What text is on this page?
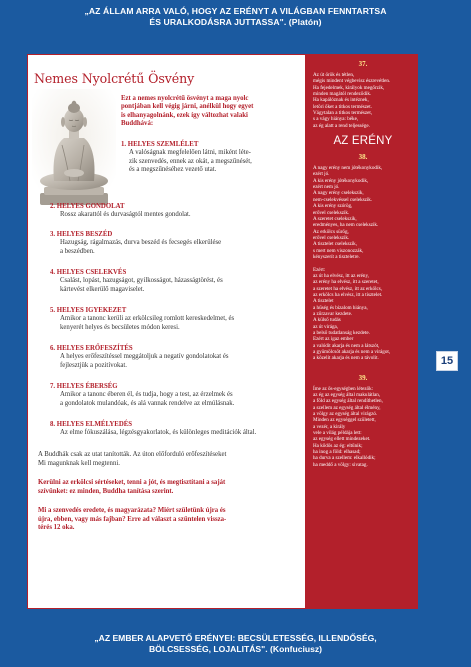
„AZ ÁLLAM ARRA VALÓ, HOGY AZ ERÉNYT A VILÁGBAN FENNTARTSA
ÉS URALKODÁSRA JUTTASSA". (Platón)
Nemes Nyolcrétű Ösvény
Ezt a nemes nyolcrétű ösvényt a maga nyolc
pontjában kell végig járni, anélkül hogy egyet
is elhanyagolnánk, ezek így változhat valaki
Buddhává:
1. HELYES SZEMLÉLET
A valóságnak megfelelően látni, miként léte-
zik szenvedés, ennek az okát, a megszűnését,
és a megszűnéséhez vezető utat.
2. HELYES GONDOLAT
Rossz akarattól és durvaságtól mentes gondolat.
3. HELYES BESZÉD
Hazugság, rágalmazás, durva beszéd és fecsegés elkerülése
a beszédben.
4. HELYES CSELEKVÉS
Csalást, lopást, hazugságot, gyilkosságot, házasságtörést, és
kártevést elkerülő magaviselet.
5. HELYES IGYEKEZET
Amikor a tanonc kerüli az erkölcsileg romlott kereskedelmet, és
kenyerét helyes és becsületes módon keresi.
6. HELYES ERŐFESZÍTÉS
A helyes erőfeszítéssel meggátoljuk a negatív gondolatokat és
fejlesztjük a pozitívokat.
7. HELYES ÉBERSÉG
Amikor a tanonc éberen él, és tudja, hogy a test, az érzelmek és
a gondolatok mulandóak, és alá vannak rendelve az elmúlásnak.
8. HELYES ELMÉLYEDÉS
Az elme fókuszálása, légzésgyakorlatok, és különleges meditációk által.
A Buddhák csak az utat tanították. Az úton előforduló erőfeszítéseket
Mi magunknak kell megtenni.
Kerülni az erkölcsi sértéseket, tenni a jót, és megtisztítani a saját
szívünket: ez minden, Buddha tanítása szerint.
Mi a szenvedés eredete, és magyarázata? Miért születünk újra és
újra, ebben, vagy más fajban? Erre ad választ a szüntelen vissza-
térés 12 oka.
37.
Az út örök és tétlen,
mégis mindent végbevisz észrevétlen.
Ha fejedelmek, királyok megőrzik,
minden magától rendeződik.
Ha kapálóznak és intéznek,
letöri őket a titkos természet.
Vágytalan a titkos természet,
s a vágy hiánya: béke,
az ég alatt a rend teljessége.
AZ ERÉNY
38.
A nagy erény nem jótékonykodik,
ezért jó.
A kis erény jótékonykodik,
ezért nem jó.
A nagy erény cselekszik,
nem-cselekvéssel cselekszik.
A kis erény szórög,
erővel cselekszik.
A szeretet cselekszik,
eredményes, ha nem cselekszik.
Az erkölcs sürög,
erővel cselekszik.
A tisztelet cselekszik,
s mert nem viszonozzák,
kényszerít a tiszteletre.
Ezért:
az út ha elvész, itt az erény,
az erény ha elvész, itt a szeretet,
a szeretet ha elvész, itt az erkölcs,
az erkölcs ha elvész, itt a tisztelet.
A tisztelet
a hűség és bizalom hiánya,
a zűrzavar kezdete.
A külső tudás
az út virága,
a belső tudatlanság kezdete.
Ezért az igaz ember
a valódit akarja és nem a látszót,
a gyümölcsöt akarja és nem a virágot,
a közelit akarja és nem a távolit.
39.
Íme az ős-egységben létezők:
az ég az egység által makulátlan,
a föld az egység által rendíthetlen,
a szellem az egység által élmény,
a völgy az egység által virágzó.
Minden az egységgel született,
a vezér, a király
vele a világ példája lett:
az egység ellett mindezeket.
Ha kődős az ég: eltűnik;
ha inog a föld: elhasad;
ha durva a szellem: elkallódik;
ha meddő a völgy: sivatag.
15
„AZ EMBER ALAPVETŐ ERÉNYEI: BECSÜLETESSÉG, ILLENDŐSÉG,
BÖLCSESSÉG, LOJALITÁS". (Konfuciusz)
